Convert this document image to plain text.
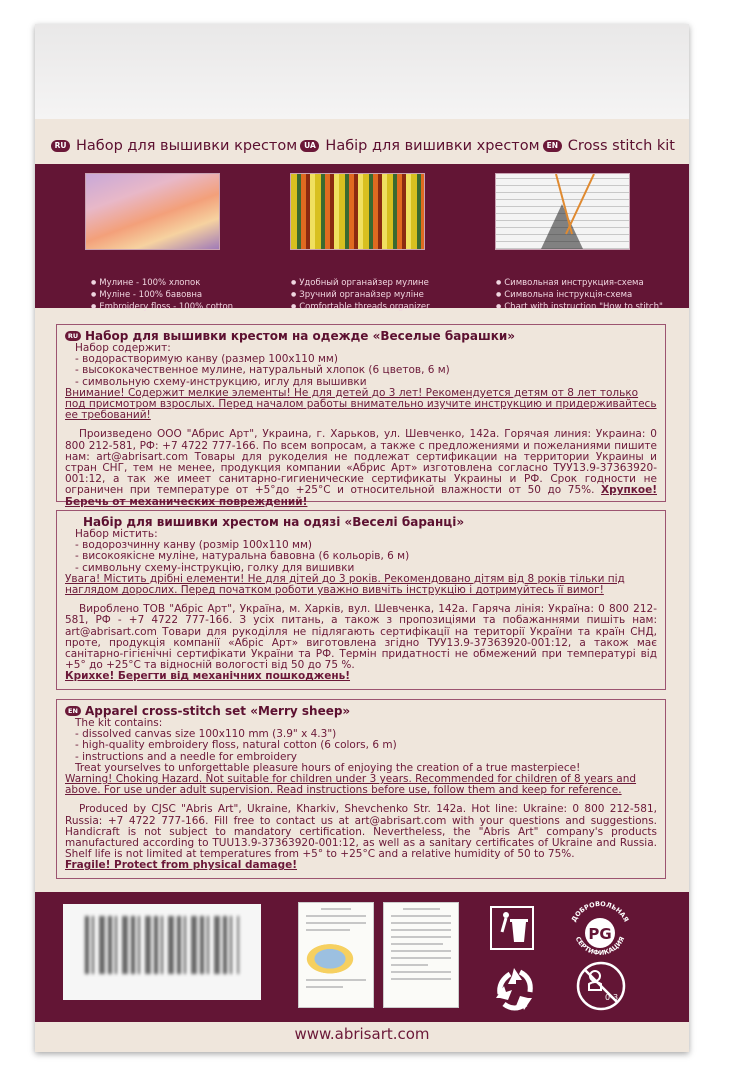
RU Набор для вышивки крестом UA Набір для вишивки хрестом EN Cross stitch kit
● Мулине - 100% хлопок
● Муліне - 100% бавовна
● Embroidery floss - 100% cotton
● Удобный органайзер мулине
● Зручний органайзер муліне
● Comfortable threads organizer
● Символьная инструкция-схема
● Символьна інструкція-схема
● Chart with instruction "How to stitch"
RU Набор для вышивки крестом на одежде «Веселые барашки»
Набор содержит:
- водорастворимую канву (размер 100х110 мм)
- высококачественное мулине, натуральный хлопок (6 цветов, 6 м)
- символьную схему-инструкцию, иглу для вышивки
Внимание! Содержит мелкие элементы! Не для детей до 3 лет! Рекомендуется детям от 8 лет только под присмотром взрослых. Перед началом работы внимательно изучите инструкцию и придерживайтесь ее требований!
Произведено ООО "Абрис Арт", Украина, г. Харьков, ул. Шевченко, 142а. Горячая линия: Украина: 0 800 212-581, РФ: +7 4722 777-166. По всем вопросам, а также с предложениями и пожеланиями пишите нам: art@abrisart.com Товары для рукоделия не подлежат сертификации на территории Украины и стран СНГ, тем не менее, продукция компании «Абрис Арт» изготовлена согласно ТУУ13.9-37363920-001:12, а так же имеет санитарно-гигиенические сертификаты Украины и РФ. Срок годности не ограничен при температуре от +5°до +25°C и относительной влажности от 50 до 75%. Хрупкое! Беречь от механических повреждений!
Набір для вишивки хрестом на одязі «Веселі баранці»
Набор містить:
- водорозчинну канву (розмір 100х110 мм)
- високоякісне муліне, натуральна бавовна (6 кольорів, 6 м)
- символьну схему-інструкцію, голку для вишивки
Увага! Містить дрібні елементи! Не для дітей до 3 років. Рекомендовано дітям від 8 років тільки під наглядом дорослих. Перед початком роботи уважно вивчіть інструкцію і дотримуйтесь її вимог!
Вироблено ТОВ "Абріс Арт", Україна, м. Харків, вул. Шевченка, 142а. Гаряча лінія: Україна: 0 800 212-581, РФ - +7 4722 777-166. З усіх питань, а також з пропозиціями та побажаннями пишіть нам: art@abrisart.com Товари для рукоділля не підлягають сертифікації на території України та країн СНД, проте, продукція компанії «Абріс Арт» виготовлена згідно ТУУ13.9-37363920-001:12, а також має санітарно-гігієнічні сертифікати України та РФ. Термін придатності не обмежений при температурі від +5° до +25°C та відносній вологості від 50 до 75 %.
Крихке! Берегти від механічних пошкоджень!
EN Apparel cross-stitch set «Merry sheep»
The kit contains:
- dissolved canvas size 100x110 mm (3.9" x 4.3")
- high-quality embroidery floss, natural cotton (6 colors, 6 m)
- instructions and a needle for embroidery
Treat yourselves to unforgettable pleasure hours of enjoying the creation of a true masterpiece!
Warning! Choking Hazard. Not suitable for children under 3 years. Recommended for children of 8 years and above. For use under adult supervision. Read instructions before use, follow them and keep for reference.
Produced by CJSC "Abris Art", Ukraine, Kharkiv, Shevchenko Str. 142a. Hot line: Ukraine: 0 800 212-581, Russia: +7 4722 777-166. Fill free to contact us at art@abrisart.com with your questions and suggestions. Handicraft is not subject to mandatory certification. Nevertheless, the "Abris Art" company's products manufactured according to TUU13.9-37363920-001:12, as well as a sanitary certificates of Ukraine and Russia. Shelf life is not limited at temperatures from +5° to +25°C and a relative humidity of 50 to 75%.
Fragile! Protect from physical damage!
ДОБРОВОЛЬНАЯ
СЕРТИФИКАЦИЯ
PG
0-3
www.abrisart.com
